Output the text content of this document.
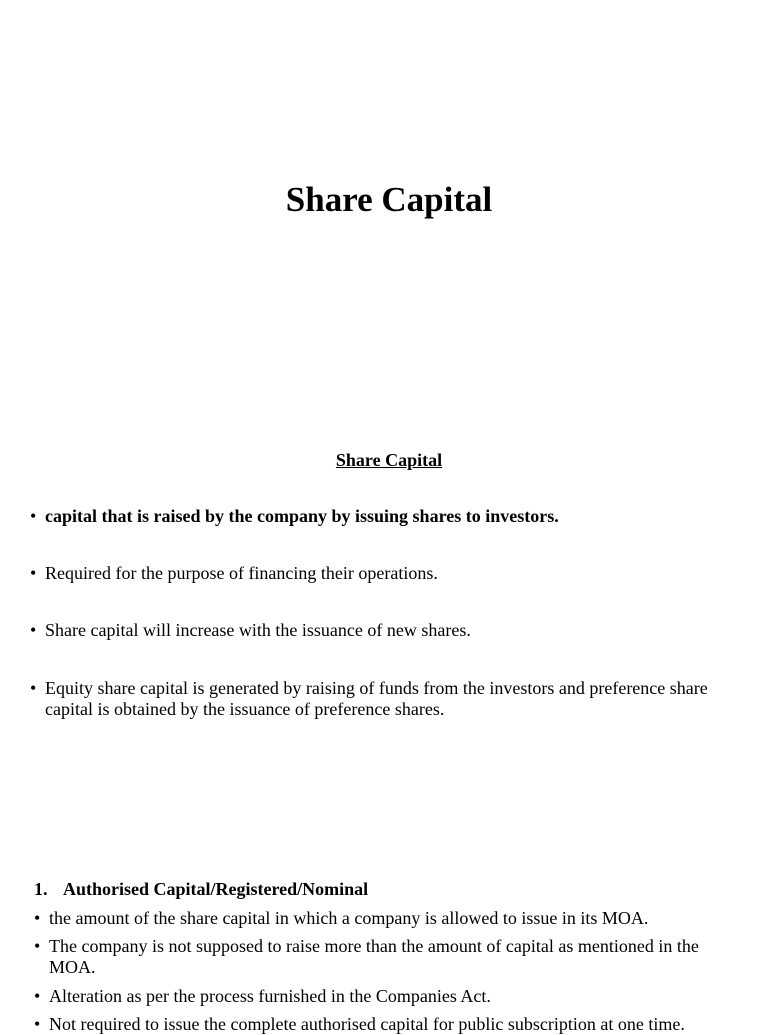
Share Capital
Share Capital
• capital that is raised by the company by issuing shares to investors.
• Required for the purpose of financing their operations.
• Share capital will increase with the issuance of new shares.
• Equity share capital is generated by raising of funds from the investors and preference share capital is obtained by the issuance of preference shares.
1. Authorised Capital/Registered/Nominal
• the amount of the share capital in which a company is allowed to issue in its MOA.
• The company is not supposed to raise more than the amount of capital as mentioned in the MOA.
• Alteration as per the process furnished in the Companies Act.
• Not required to issue the complete authorised capital for public subscription at one time.
